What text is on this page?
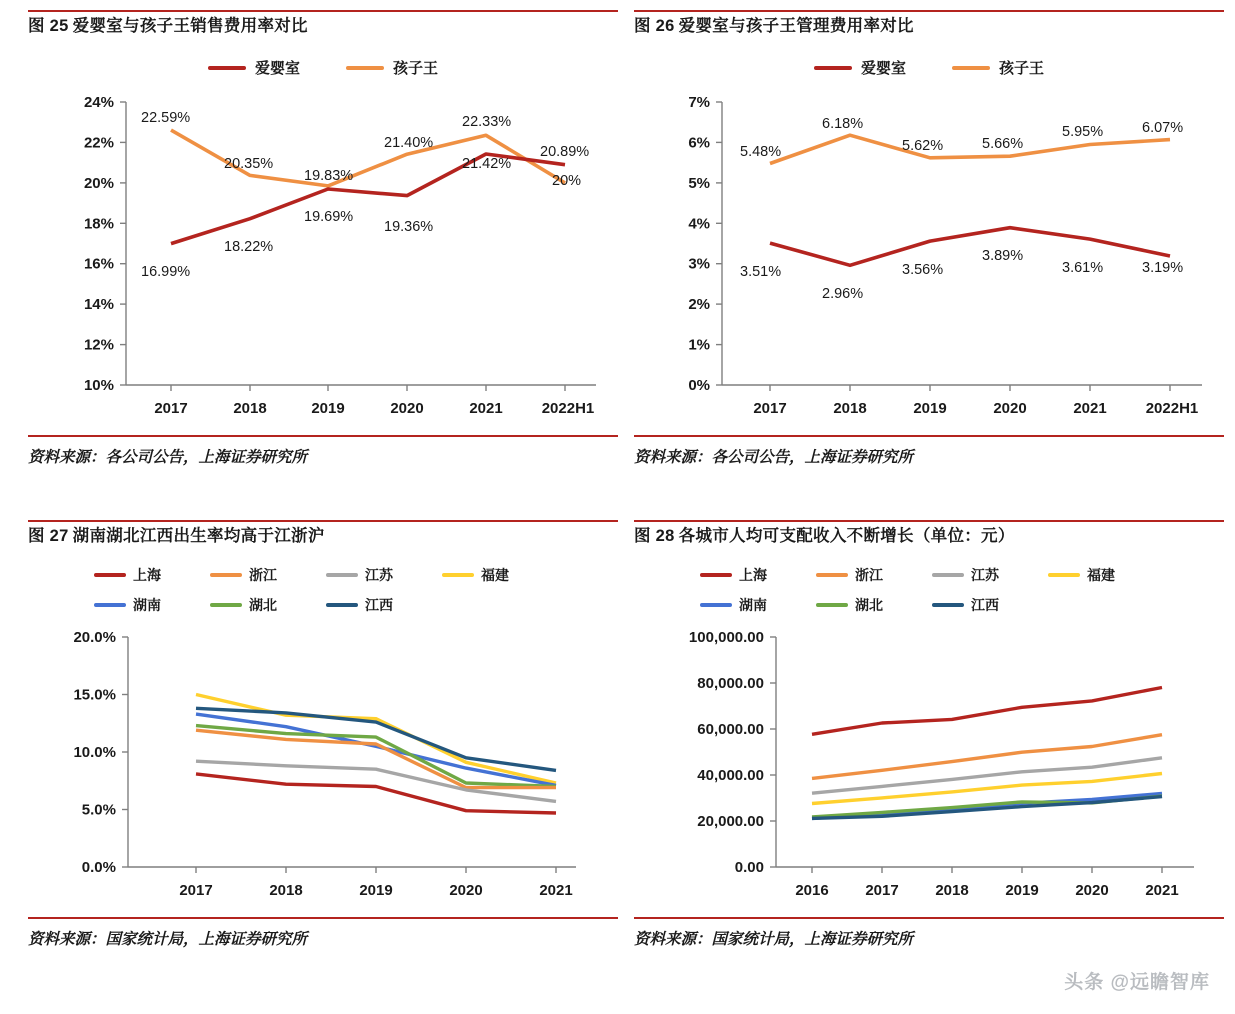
图 25 爱婴室与孩子王销售费用率对比
爱婴室	孩子王
10%
12%
14%
16%
18%
20%
22%
24%
2017	2018	2019	2020	2021	2022H1
22.59%
20.35%
19.83%
21.40%
22.33%
20%
16.99%
18.22%
19.69%
19.36%
21.42%
20.89%
资料来源：各公司公告，上海证券研究所
图 26 爱婴室与孩子王管理费用率对比
爱婴室	孩子王
0%
1%
2%
3%
4%
5%
6%
7%
2017	2018	2019	2020	2021	2022H1
5.48%
6.18%
5.62%	5.66%
5.95%	6.07%
3.51%
2.96%
3.56%
3.89%
3.61%	3.19%
资料来源：各公司公告，上海证券研究所
图 27 湖南湖北江西出生率均高于江浙沪
上海	浙江	江苏	福建
湖南	湖北	江西
0.0%
5.0%
10.0%
15.0%
20.0%
2017	2018	2019	2020	2021
资料来源：国家统计局，上海证券研究所
图 28 各城市人均可支配收入不断增长（单位：元）
上海	浙江	江苏	福建
湖南	湖北	江西
0.00
20,000.00
40,000.00
60,000.00
80,000.00
100,000.00
2016 2017 2018 2019 2020 2021
资料来源：国家统计局，上海证券研究所
头条 @远瞻智库
